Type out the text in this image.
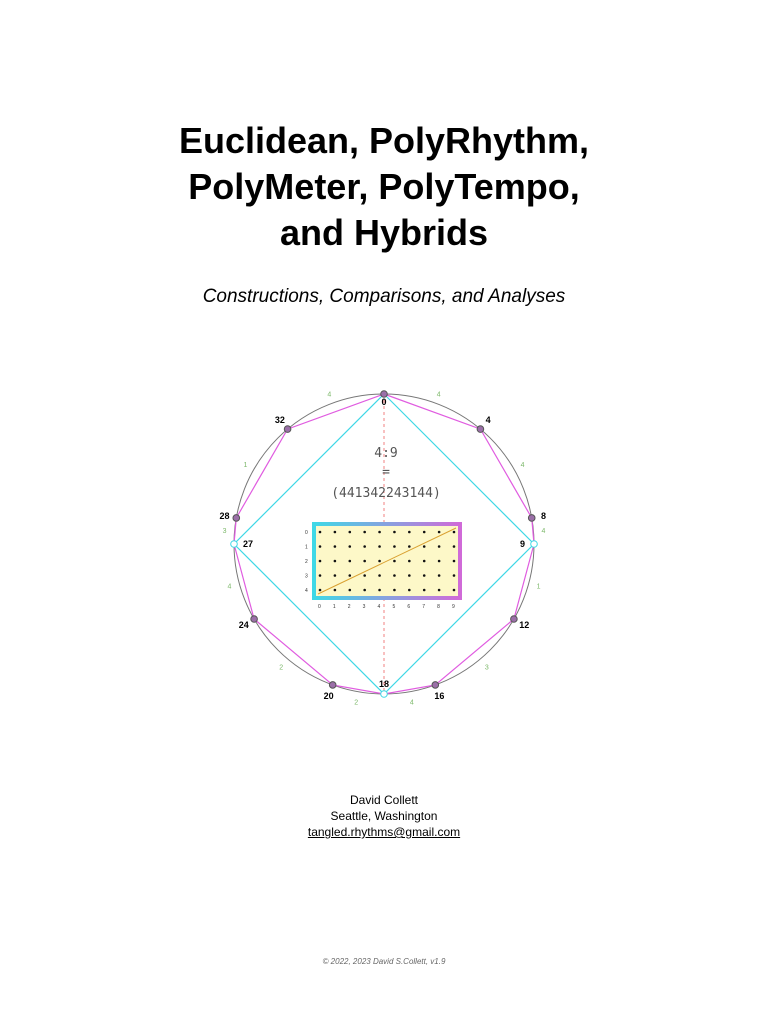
Euclidean, PolyRhythm,
PolyMeter, PolyTempo,
and Hybrids
Constructions, Comparisons, and Analyses
0
1
2
3
4
0 1 2 3 4 5 6 7 8 9
0
4
8
9
12
16
18
20
24
27
28
32
4
4
4
1
3
4
2
2
4
3
1
4
4:9
=
(441342243144)
David Collett
Seattle, Washington
tangled.rhythms@gmail.com
© 2022, 2023 David S.Collett, v1.9
